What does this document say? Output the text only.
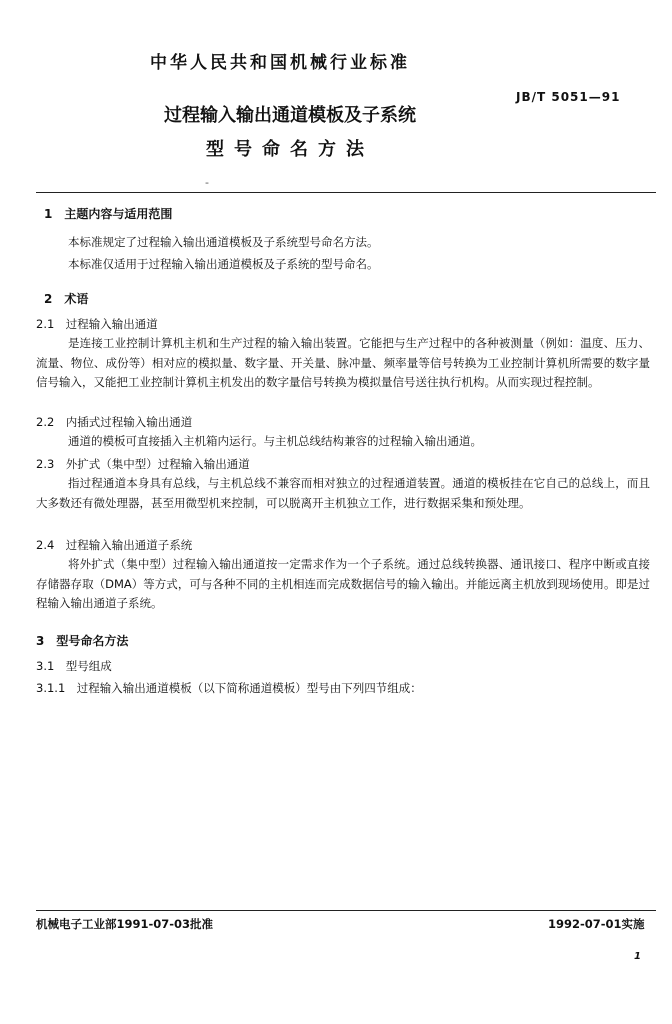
中华人民共和国机械行业标准
JB/T 5051—91
过程输入输出通道模板及子系统
型号命名方法
-
1　主题内容与适用范围
本标准规定了过程输入输出通道模板及子系统型号命名方法。
本标准仅适用于过程输入输出通道模板及子系统的型号命名。
2　术语
2.1　过程输入输出通道
是连接工业控制计算机主机和生产过程的输入输出装置。它能把与生产过程中的各种被测量（例如：温度、压力、流量、物位、成份等）相对应的模拟量、数字量、开关量、脉冲量、频率量等信号转换为工业控制计算机所需要的数字量信号输入，又能把工业控制计算机主机发出的数字量信号转换为模拟量信号送往执行机构。从而实现过程控制。
2.2　内插式过程输入输出通道
通道的模板可直接插入主机箱内运行。与主机总线结构兼容的过程输入输出通道。
2.3　外扩式（集中型）过程输入输出通道
指过程通道本身具有总线，与主机总线不兼容而相对独立的过程通道装置。通道的模板挂在它自己的总线上，而且大多数还有微处理器，甚至用微型机来控制，可以脱离开主机独立工作，进行数据采集和预处理。
2.4　过程输入输出通道子系统
将外扩式（集中型）过程输入输出通道按一定需求作为一个子系统。通过总线转换器、通讯接口、程序中断或直接存储器存取（DMA）等方式，可与各种不同的主机相连而完成数据信号的输入输出。并能远离主机放到现场使用。即是过程输入输出通道子系统。
3　型号命名方法
3.1　型号组成
3.1.1　过程输入输出通道模板（以下简称通道模板）型号由下列四节组成：
机械电子工业部1991-07-03批准	1992-07-01实施
1
